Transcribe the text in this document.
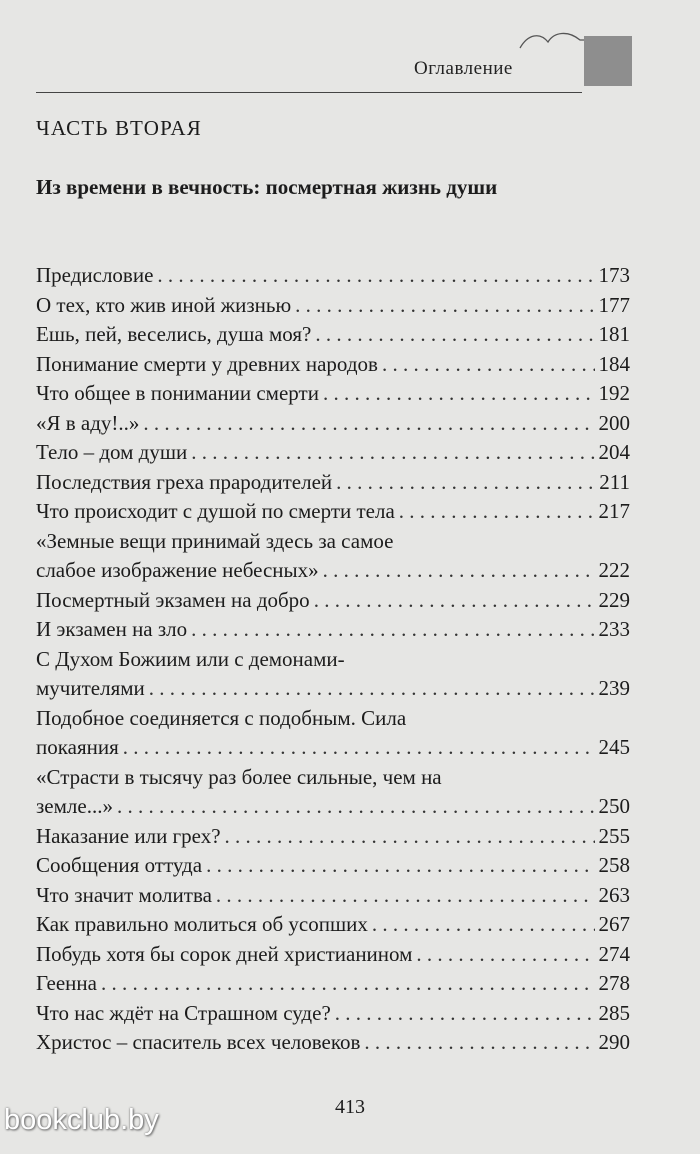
Оглавление
ЧАСТЬ ВТОРАЯ
Из времени в вечность: посмертная жизнь души
Предисловие . . .	173
О тех, кто жив иной жизнью . . .	177
Ешь, пей, веселись, душа моя? . . .	181
Понимание смерти у древних народов . . .	184
Что общее в понимании смерти . . .	192
«Я в аду!..» . . .	200
Тело – дом души . . .	204
Последствия греха прародителей . . .	211
Что происходит с душой по смерти тела . . .	217
«Земные вещи принимай здесь за самое
слабое изображение небесных» . . .	222
Посмертный экзамен на добро . . .	229
И экзамен на зло . . .	233
С Духом Божиим или с демонами-
мучителями . . .	239
Подобное соединяется с подобным. Сила
покаяния . . .	245
«Страсти в тысячу раз более сильные, чем на
земле...» . . .	250
Наказание или грех? . . .	255
Сообщения оттуда . . .	258
Что значит молитва . . .	263
Как правильно молиться об усопших . . .	267
Побудь хотя бы сорок дней христианином . . .	274
Геенна . . .	278
Что нас ждёт на Страшном суде? . . .	285
Христос – спаситель всех человеков . . .	290
413
bookclub.by
